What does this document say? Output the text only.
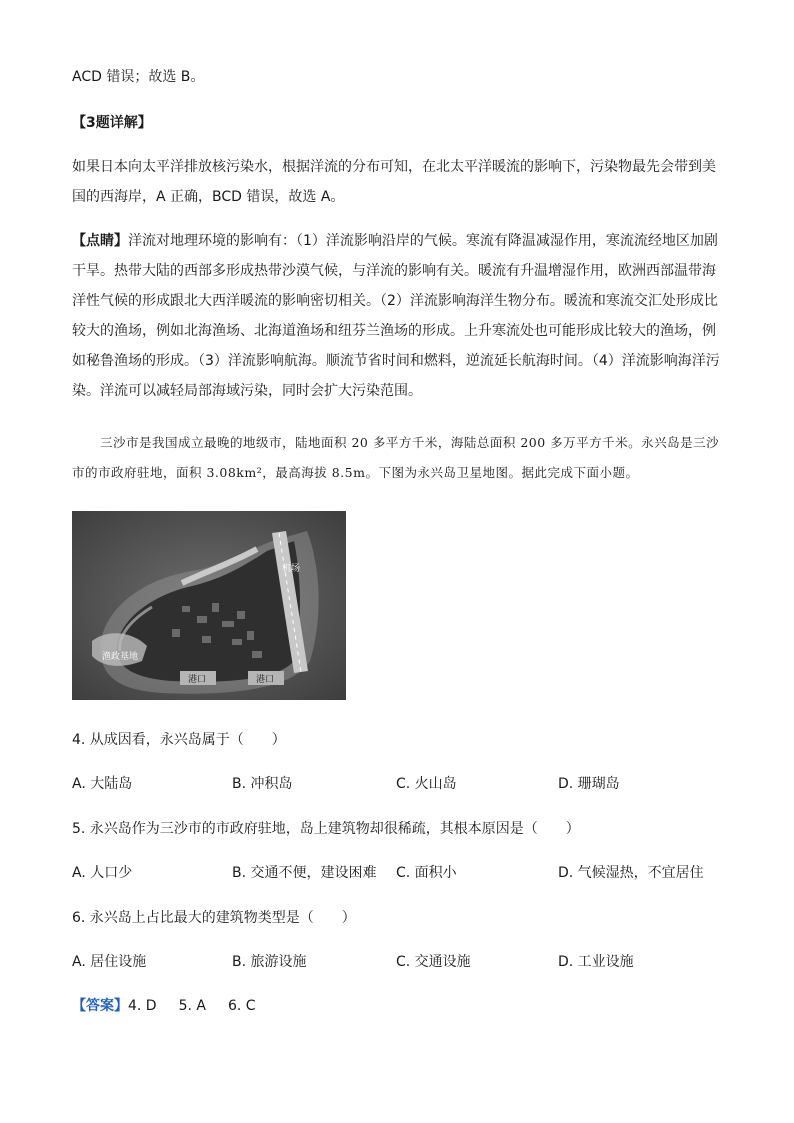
ACD 错误；故选 B。

【3题详解】

如果日本向太平洋排放核污染水，根据洋流的分布可知，在北太平洋暖流的影响下，污染物最先会带到美国的西海岸，A 正确，BCD 错误，故选 A。

【点睛】洋流对地理环境的影响有：（1）洋流影响沿岸的气候。寒流有降温减湿作用，寒流流经地区加剧干旱。热带大陆的西部多形成热带沙漠气候，与洋流的影响有关。暖流有升温增湿作用，欧洲西部温带海洋性气候的形成跟北大西洋暖流的影响密切相关。（2）洋流影响海洋生物分布。暖流和寒流交汇处形成比较大的渔场，例如北海渔场、北海道渔场和纽芬兰渔场的形成。上升寒流处也可能形成比较大的渔场，例如秘鲁渔场的形成。（3）洋流影响航海。顺流节省时间和燃料，逆流延长航海时间。（4）洋流影响海洋污染。洋流可以减轻局部海域污染，同时会扩大污染范围。

三沙市是我国成立最晚的地级市，陆地面积 20 多平方千米，海陆总面积 200 多万平方千米。永兴岛是三沙市的市政府驻地，面积 3.08km²，最高海拔 8.5m。下图为永兴岛卫星地图。据此完成下面小题。

机场
渔政基地
港口	港口
4. 从成因看，永兴岛属于（　　）
A. 大陆岛	B. 冲积岛	C. 火山岛	D. 珊瑚岛
5. 永兴岛作为三沙市的市政府驻地，岛上建筑物却很稀疏，其根本原因是（　　）
A. 人口少	B. 交通不便，建设困难 C. 面积小	D. 气候湿热，不宜居住
6. 永兴岛上占比最大的建筑物类型是（　　）
A. 居住设施	B. 旅游设施	C. 交通设施	D. 工业设施
【答案】4. D 5. A 6. C
